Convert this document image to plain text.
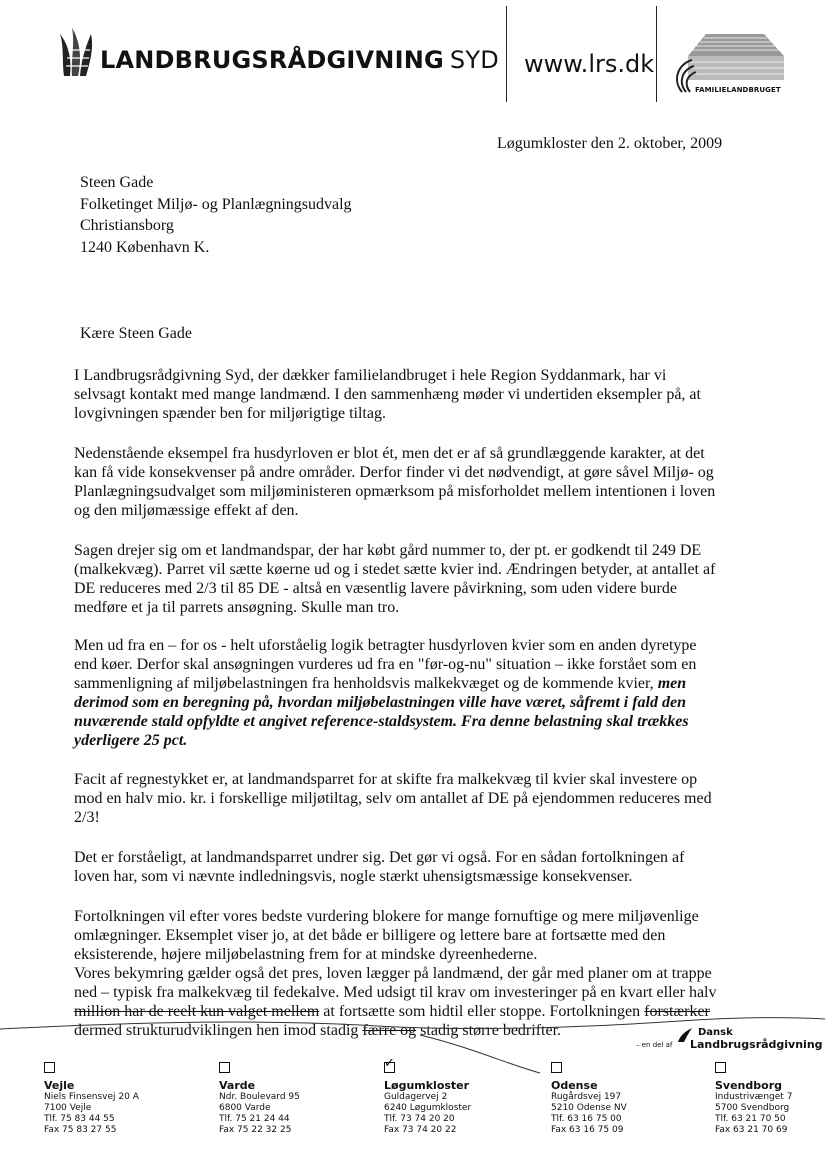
LANDBRUGSRÅDGIVNING SYD www.lrs.dk
FAMILIELANDBRUGET
Løgumkloster den 2. oktober, 2009
Steen Gade
Folketinget Miljø- og Planlægningsudvalg
Christiansborg
1240 København K.
Kære Steen Gade
I Landbrugsrådgivning Syd, der dækker familielandbruget i hele Region Syddanmark, har vi
selvsagt kontakt med mange landmænd. I den sammenhæng møder vi undertiden eksempler på, at
lovgivningen spænder ben for miljørigtige tiltag.
Nedenstående eksempel fra husdyrloven er blot ét, men det er af så grundlæggende karakter, at det
kan få vide konsekvenser på andre områder. Derfor finder vi det nødvendigt, at gøre såvel Miljø- og
Planlægningsudvalget som miljøministeren opmærksom på misforholdet mellem intentionen i loven
og den miljømæssige effekt af den.
Sagen drejer sig om et landmandspar, der har købt gård nummer to, der pt. er godkendt til 249 DE
(malkekvæg). Parret vil sætte køerne ud og i stedet sætte kvier ind. Ændringen betyder, at antallet af
DE reduceres med 2/3 til 85 DE - altså en væsentlig lavere påvirkning, som uden videre burde
medføre et ja til parrets ansøgning. Skulle man tro.
Men ud fra en – for os - helt uforståelig logik betragter husdyrloven kvier som en anden dyretype
end køer. Derfor skal ansøgningen vurderes ud fra en "før-og-nu" situation – ikke forstået som en
sammenligning af miljøbelastningen fra henholdsvis malkekvæget og de kommende kvier, men
derimod som en beregning på, hvordan miljøbelastningen ville have været, såfremt i fald den
nuværende stald opfyldte et angivet reference-staldsystem. Fra denne belastning skal trækkes
yderligere 25 pct.
Facit af regnestykket er, at landmandsparret for at skifte fra malkekvæg til kvier skal investere op
mod en halv mio. kr. i forskellige miljøtiltag, selv om antallet af DE på ejendommen reduceres med
2/3!
Det er forståeligt, at landmandsparret undrer sig. Det gør vi også. For en sådan fortolkningen af
loven har, som vi nævnte indledningsvis, nogle stærkt uhensigtsmæssige konsekvenser.
Fortolkningen vil efter vores bedste vurdering blokere for mange fornuftige og mere miljøvenlige
omlægninger. Eksemplet viser jo, at det både er billigere og lettere bare at fortsætte med den
eksisterende, højere miljøbelastning frem for at mindske dyreenhederne.
Vores bekymring gælder også det pres, loven lægger på landmænd, der går med planer om at trappe
ned – typisk fra malkekvæg til fedekalve. Med udsigt til krav om investeringer på en kvart eller halv
million har de reelt kun valget mellem at fortsætte som hidtil eller stoppe. Fortolkningen forstærker
dermed strukturudviklingen hen imod stadig færre og stadig større bedrifter.	Dansk
– en del af Landbrugsrådgivning
Vejle
Niels Finsensvej 20 A
7100 Vejle
Tlf. 75 83 44 55
Fax 75 83 27 55
Varde
Ndr. Boulevard 95
6800 Varde
Tlf. 75 21 24 44
Fax 75 22 32 25
✓
Løgumkloster
Guldagervej 2
6240 Løgumkloster
Tlf. 73 74 20 20
Fax 73 74 20 22
Odense
Rugårdsvej 197
5210 Odense NV
Tlf. 63 16 75 00
Fax 63 16 75 09
Svendborg
Industrivænget 7
5700 Svendborg
Tlf. 63 21 70 50
Fax 63 21 70 69
